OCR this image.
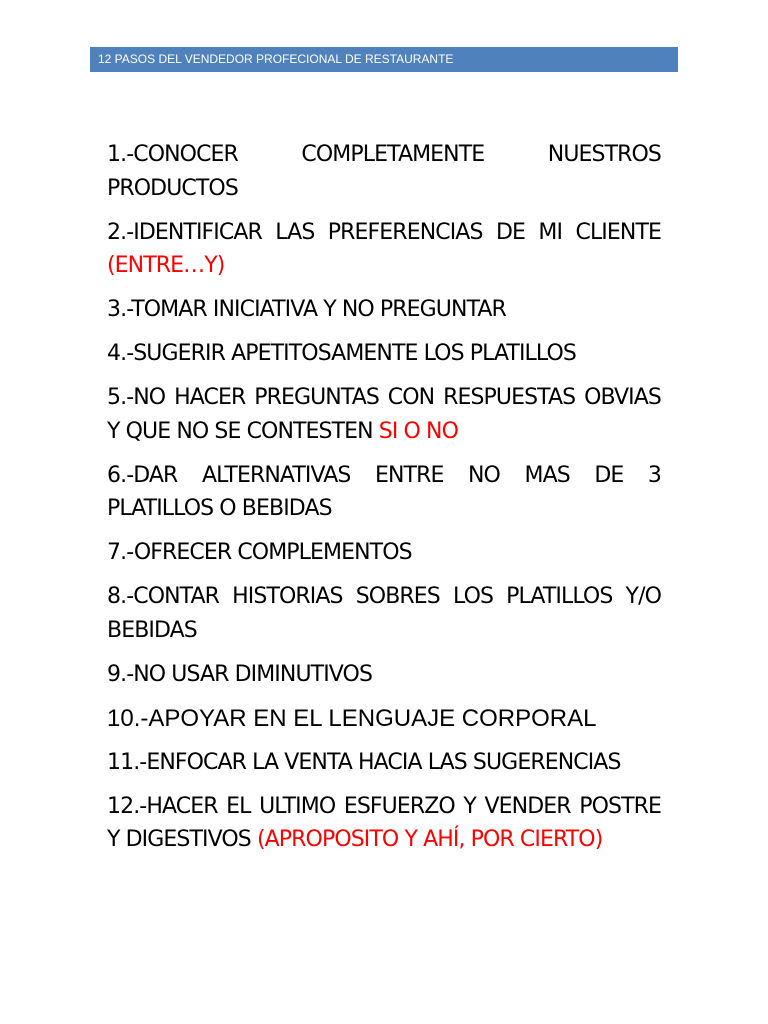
12 PASOS DEL VENDEDOR PROFECIONAL DE RESTAURANTE

1.-CONOCER COMPLETAMENTE NUESTROS PRODUCTOS

2.-IDENTIFICAR LAS PREFERENCIAS DE MI CLIENTE (ENTRE…Y)

3.-TOMAR INICIATIVA Y NO PREGUNTAR

4.-SUGERIR APETITOSAMENTE LOS PLATILLOS

5.-NO HACER PREGUNTAS CON RESPUESTAS OBVIAS Y QUE NO SE CONTESTEN SI O NO

6.-DAR ALTERNATIVAS ENTRE NO MAS DE 3 PLATILLOS O BEBIDAS

7.-OFRECER COMPLEMENTOS

8.-CONTAR HISTORIAS SOBRES LOS PLATILLOS Y/O BEBIDAS

9.-NO USAR DIMINUTIVOS

10.-APOYAR EN EL LENGUAJE CORPORAL

11.-ENFOCAR LA VENTA HACIA LAS SUGERENCIAS

12.-HACER EL ULTIMO ESFUERZO Y VENDER POSTRE Y DIGESTIVOS (APROPOSITO Y AHÍ, POR CIERTO)
